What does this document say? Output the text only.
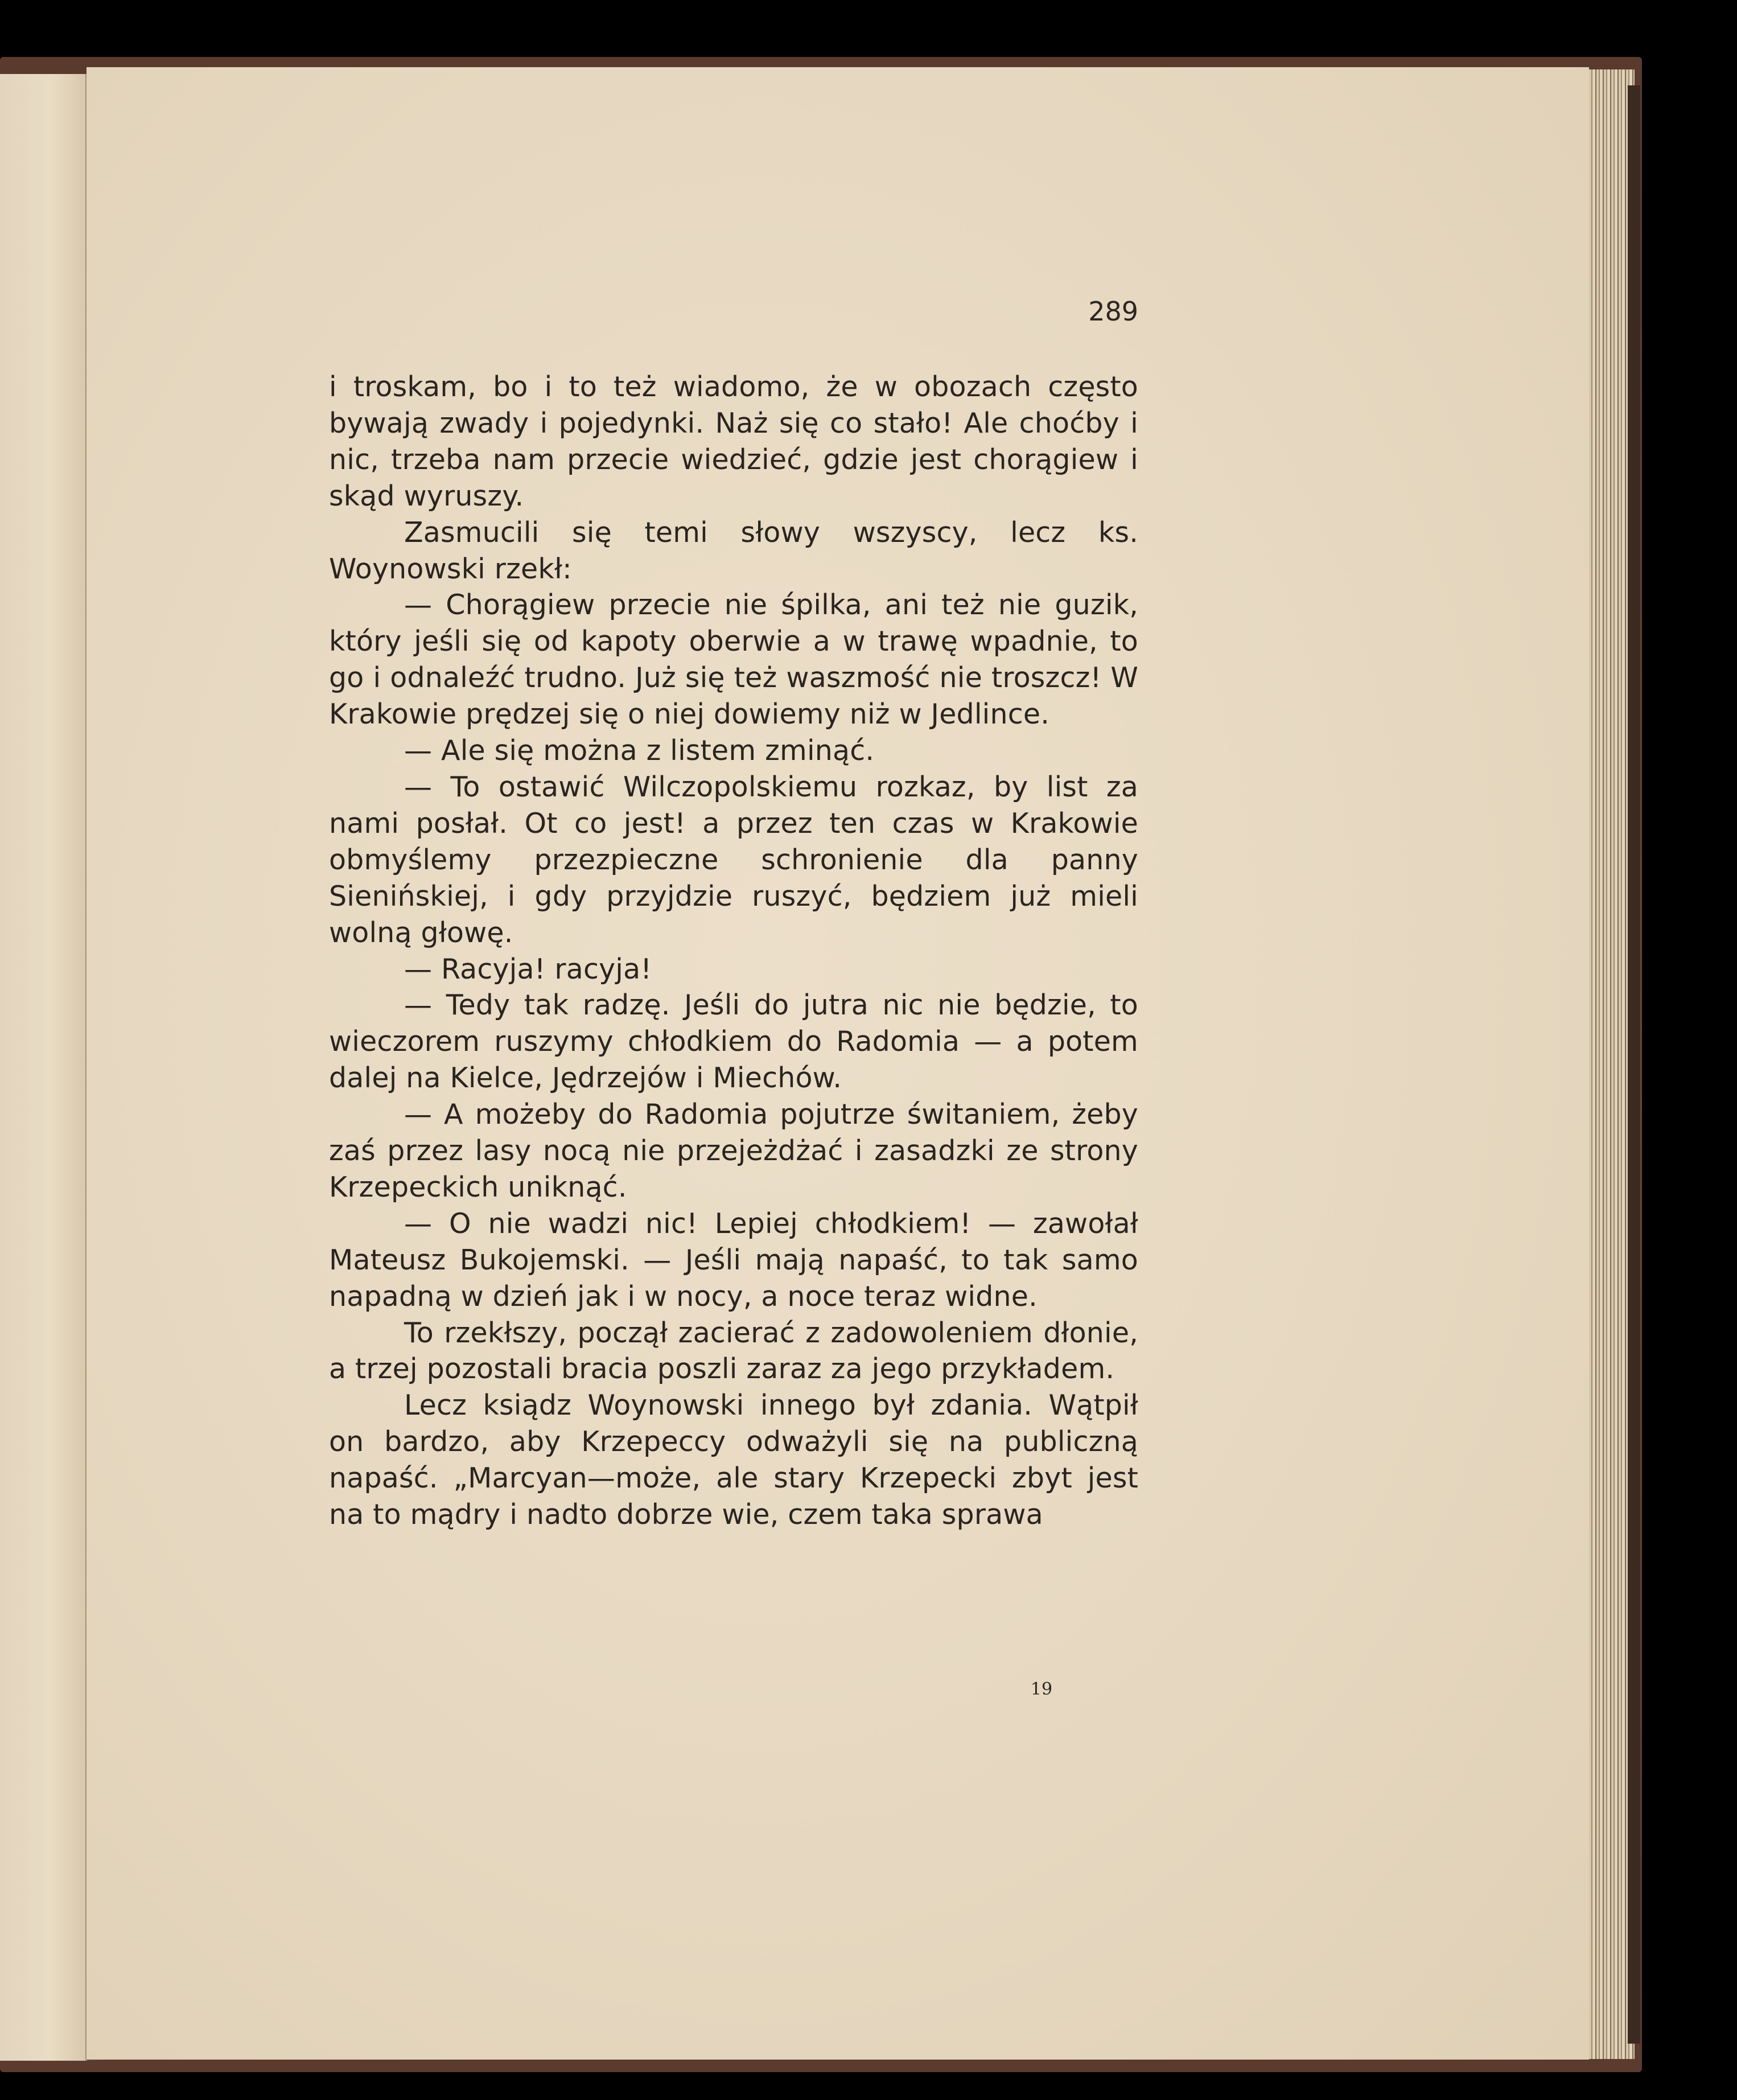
289

i troskam, bo i to też wiadomo, że w obozach często bywają zwady i pojedynki. Naż się co stało! Ale choćby i nic, trzeba nam przecie wiedzieć, gdzie jest chorągiew i skąd wyruszy.

Zasmucili się temi słowy wszyscy, lecz ks. Woynowski rzekł:

— Chorągiew przecie nie śpilka, ani też nie guzik, który jeśli się od kapoty oberwie a w trawę wpadnie, to go i odnaleźć trudno. Już się też waszmość nie troszcz! W Krakowie prędzej się o niej dowiemy niż w Jedlince.

— Ale się można z listem zminąć.

— To ostawić Wilczopolskiemu rozkaz, by list za nami posłał. Ot co jest! a przez ten czas w Krakowie obmyślemy przezpieczne schronienie dla panny Sienińskiej, i gdy przyjdzie ruszyć, będziem już mieli wolną głowę.

— Racyja! racyja!

— Tedy tak radzę. Jeśli do jutra nic nie będzie, to wieczorem ruszymy chłodkiem do Radomia — a potem dalej na Kielce, Jędrzejów i Miechów.

— A możeby do Radomia pojutrze świtaniem, żeby zaś przez lasy nocą nie przejeżdżać i zasadzki ze strony Krzepeckich uniknąć.

— O nie wadzi nic! Lepiej chłodkiem! — zawołał Mateusz Bukojemski. — Jeśli mają napaść, to tak samo napadną w dzień jak i w nocy, a noce teraz widne.

To rzekłszy, począł zacierać z zadowoleniem dłonie, a trzej pozostali bracia poszli zaraz za jego przykładem.

Lecz ksiądz Woynowski innego był zdania. Wątpił on bardzo, aby Krzepeccy odważyli się na publiczną napaść. „Marcyan—może, ale stary Krzepecki zbyt jest na to mądry i nadto dobrze wie, czem taka sprawa

19
